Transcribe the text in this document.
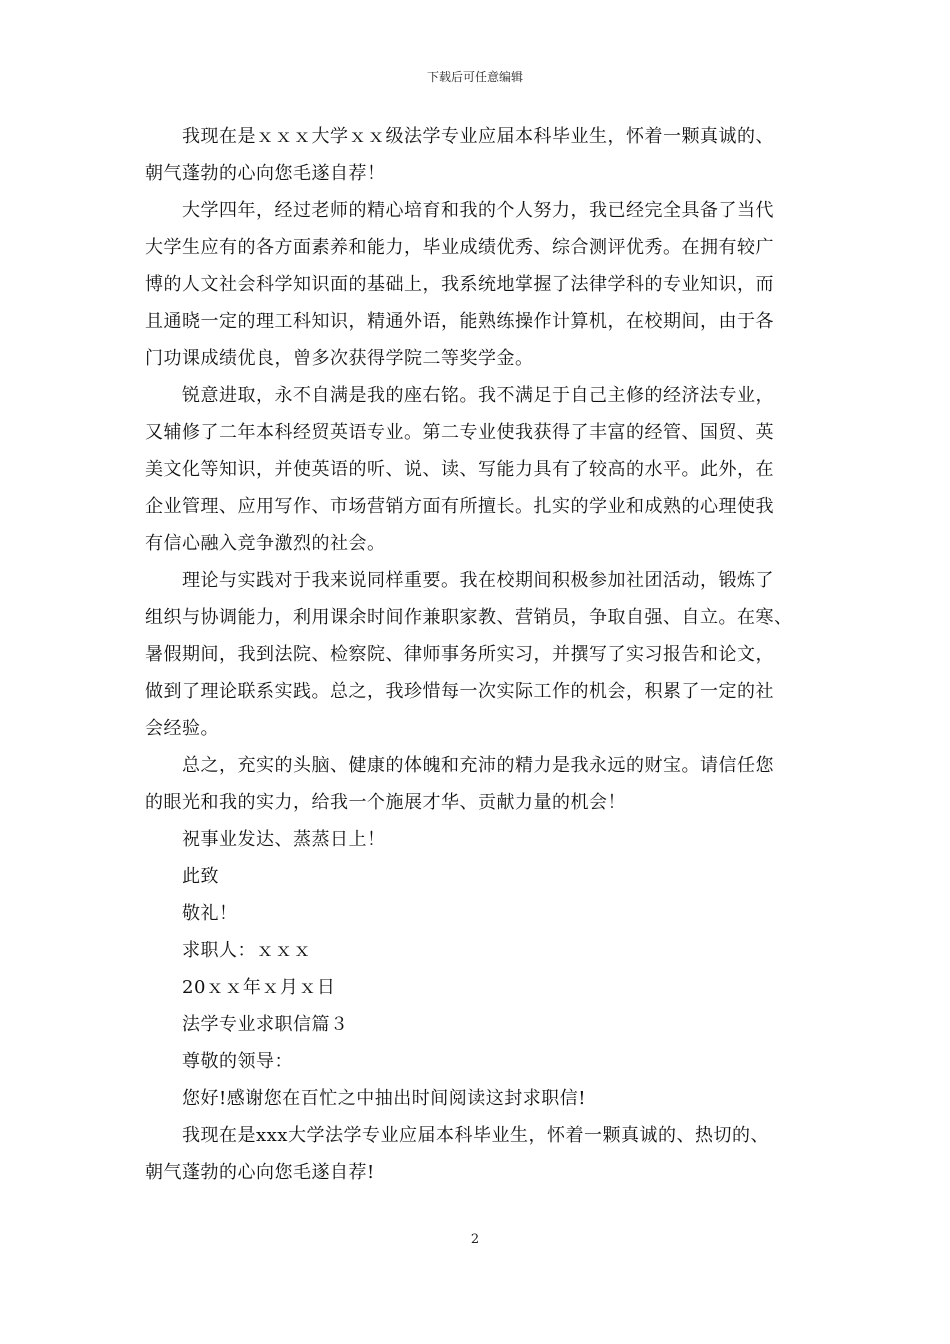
下载后可任意编辑
我现在是ｘｘｘ大学ｘｘ级法学专业应届本科毕业生，怀着一颗真诚的、
朝气蓬勃的心向您毛遂自荐！
大学四年，经过老师的精心培育和我的个人努力，我已经完全具备了当代
大学生应有的各方面素养和能力，毕业成绩优秀、综合测评优秀。在拥有较广
博的人文社会科学知识面的基础上，我系统地掌握了法律学科的专业知识，而
且通晓一定的理工科知识，精通外语，能熟练操作计算机，在校期间，由于各
门功课成绩优良，曾多次获得学院二等奖学金。
锐意进取，永不自满是我的座右铭。我不满足于自己主修的经济法专业，
又辅修了二年本科经贸英语专业。第二专业使我获得了丰富的经管、国贸、英
美文化等知识，并使英语的听、说、读、写能力具有了较高的水平。此外，在
企业管理、应用写作、市场营销方面有所擅长。扎实的学业和成熟的心理使我
有信心融入竞争激烈的社会。
理论与实践对于我来说同样重要。我在校期间积极参加社团活动，锻炼了
组织与协调能力，利用课余时间作兼职家教、营销员，争取自强、自立。在寒、
暑假期间，我到法院、检察院、律师事务所实习，并撰写了实习报告和论文，
做到了理论联系实践。总之，我珍惜每一次实际工作的机会，积累了一定的社
会经验。
总之，充实的头脑、健康的体魄和充沛的精力是我永远的财宝。请信任您
的眼光和我的实力，给我一个施展才华、贡献力量的机会！
祝事业发达、蒸蒸日上！
此致
敬礼！
求职人：ｘｘｘ
20ｘｘ年ｘ月ｘ日
法学专业求职信篇３
尊敬的领导：
您好!感谢您在百忙之中抽出时间阅读这封求职信!
我现在是xxx大学法学专业应届本科毕业生，怀着一颗真诚的、热切的、
朝气蓬勃的心向您毛遂自荐!
2
